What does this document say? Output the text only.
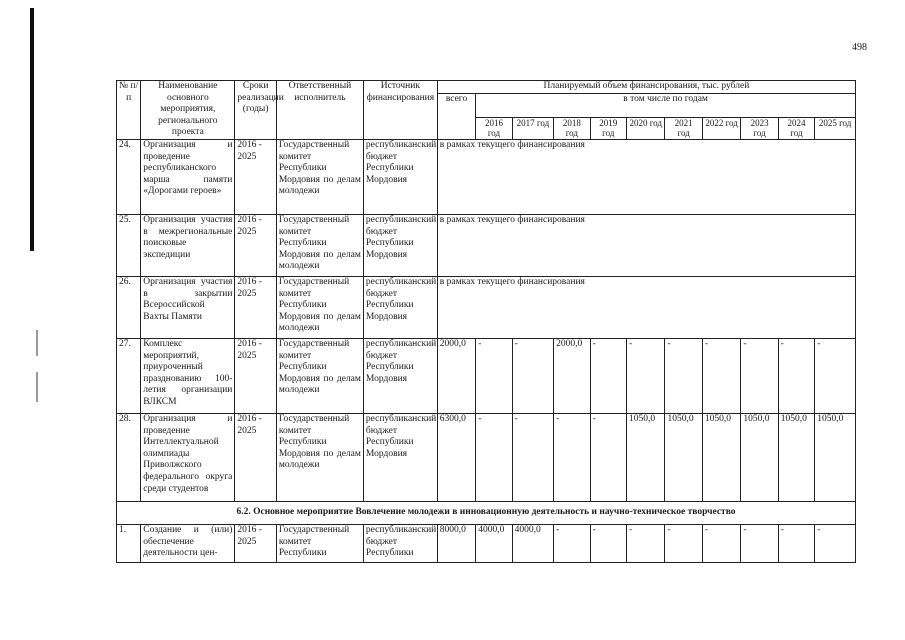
498
№ п/ п	Наименование основного мероприятия, регионального проекта	Сроки реализации (годы)	Ответственный исполнитель	Источник финансирования	Планируемый объем финансирования, тыс. рублей										
					всего	в том числе по годам									
						2016 год	2017 год	2018 год	2019 год	2020 год	2021 год	2022 год	2023 год	2024 год	2025 год
24.	Организация и проведение республиканского марша памяти «Дорогами героев»	2016 - 2025	Государственный комитет Республики Мордовия по делам молодежи	республиканский бюджет Республики Мордовия	в рамках текущего финансирования										
25.	Организация участия в межрегиональные поисковые экспедиции	2016 - 2025	Государственный комитет Республики Мордовия по делам молодежи	республиканский бюджет Республики Мордовия	в рамках текущего финансирования										
26.	Организация участия в закрытии Всероссийской Вахты Памяти	2016 - 2025	Государственный комитет Республики Мордовия по делам молодежи	республиканский бюджет Республики Мордовия	в рамках текущего финансирования										
27.	Комплекс мероприятий, приуроченный празднованию 100-летия организации ВЛКСМ	2016 - 2025	Государственный комитет Республики Мордовия по делам молодежи	республиканский бюджет Республики Мордовия	2000,0	-	-	2000,0	-	-	-	-	-	-	-
28.	Организация и проведение Интеллектуальной олимпиады Приволжского федерального округа среди студентов	2016 - 2025	Государственный комитет Республики Мордовия по делам молодежи	республиканский бюджет Республики Мордовия	6300,0	-	-	-	-	1050,0	1050,0	1050,0	1050,0	1050,0	1050,0
6.2. Основное мероприятие Вовлечение молодежи в инновационную деятельность и научно-техническое творчество															
1.	Создание и (или) обеспечение деятельности цен-	2016 - 2025	Государственный комитет Республики	республиканский бюджет Республики	8000,0	4000,0	4000,0	-	-	-	-	-	-	-	-
